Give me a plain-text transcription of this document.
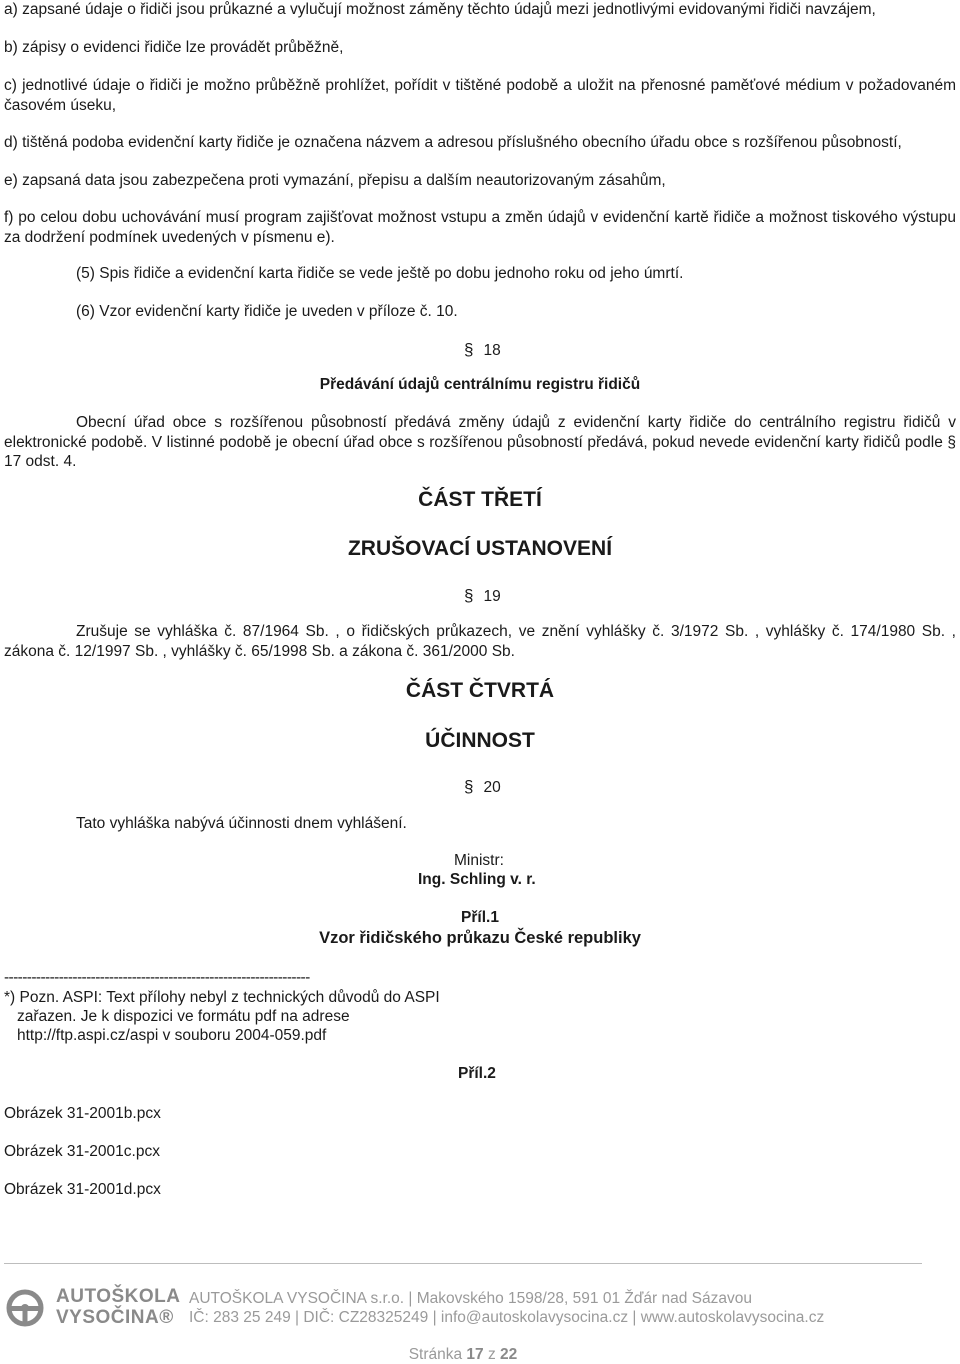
a) zapsané údaje o řidiči jsou průkazné a vylučují možnost záměny těchto údajů mezi jednotlivými evidovanými řidiči navzájem,
b) zápisy o evidenci řidiče lze provádět průběžně,
c) jednotlivé údaje o řidiči je možno průběžně prohlížet, pořídit v tištěné podobě a uložit na přenosné paměťové médium v požadovaném časovém úseku,
d) tištěná podoba evidenční karty řidiče je označena názvem a adresou příslušného obecního úřadu obce s rozšířenou působností,
e) zapsaná data jsou zabezpečena proti vymazání, přepisu a dalším neautorizovaným zásahům,
f) po celou dobu uchovávání musí program zajišťovat možnost vstupu a změn údajů v evidenční kartě řidiče a možnost tiskového výstupu za dodržení podmínek uvedených v písmenu e).
(5) Spis řidiče a evidenční karta řidiče se vede ještě po dobu jednoho roku od jeho úmrtí.
(6) Vzor evidenční karty řidiče je uveden v příloze č. 10.
§ 18
Předávání údajů centrálnímu registru řidičů
Obecní úřad obce s rozšířenou působností předává změny údajů z evidenční karty řidiče do centrálního registru řidičů v elektronické podobě. V listinné podobě je obecní úřad obce s rozšířenou působností předává, pokud nevede evidenční karty řidičů podle § 17 odst. 4.
ČÁST TŘETÍ
ZRUŠOVACÍ USTANOVENÍ
§ 19
Zrušuje se vyhláška č. 87/1964 Sb. , o řidičských průkazech, ve znění vyhlášky č. 3/1972 Sb. , vyhlášky č. 174/1980 Sb. , zákona č. 12/1997 Sb. , vyhlášky č. 65/1998 Sb. a zákona č. 361/2000 Sb.
ČÁST ČTVRTÁ
ÚČINNOST
§ 20
Tato vyhláška nabývá účinnosti dnem vyhlášení.
Ministr:
Ing. Schling v. r.
Příl.1
Vzor řidičského průkazu České republiky
-------------------------------------------------------------------
*) Pozn. ASPI: Text přílohy nebyl z technických důvodů do ASPI
zařazen. Je k dispozici ve formátu pdf na adrese
http://ftp.aspi.cz/aspi v souboru 2004-059.pdf
Příl.2
Obrázek 31-2001b.pcx
Obrázek 31-2001c.pcx
Obrázek 31-2001d.pcx
AUTOŠKOLA
VYSOČINA®
AUTOŠKOLA VYSOČINA s.r.o. | Makovského 1598/28, 591 01 Žďár nad Sázavou
IČ: 283 25 249 | DIČ: CZ28325249 | info@autoskolavysocina.cz | www.autoskolavysocina.cz
Stránka 17 z 22
